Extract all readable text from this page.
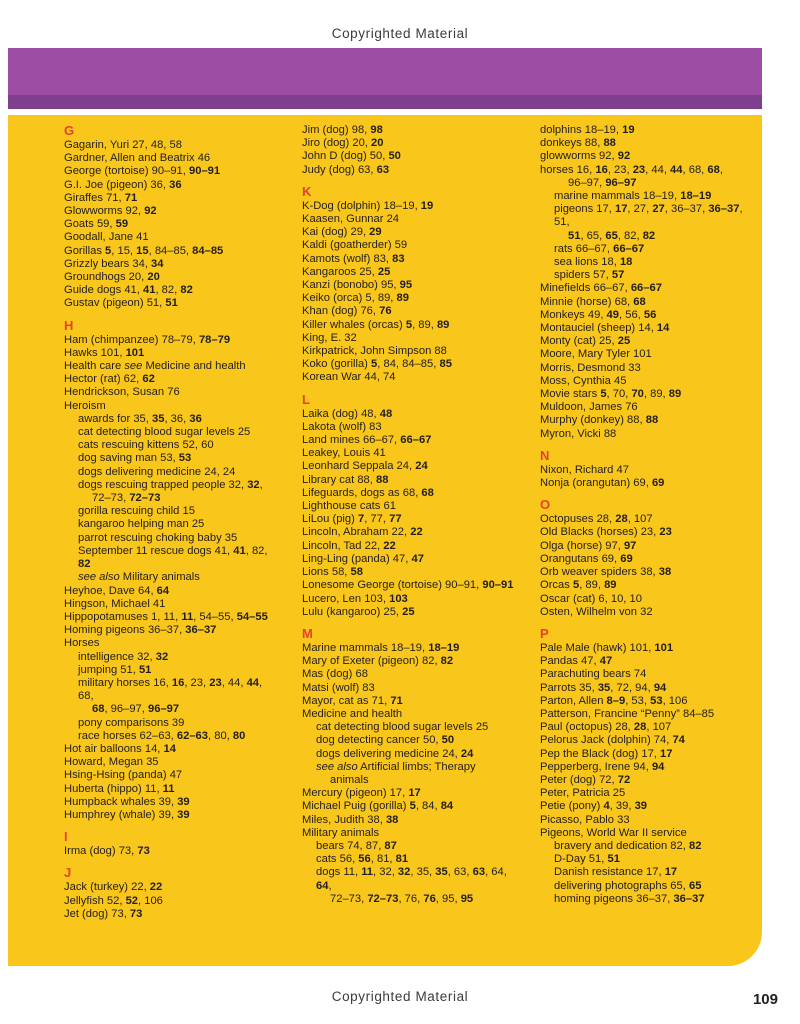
Copyrighted Material
G
Gagarin, Yuri 27, 48, 58
Gardner, Allen and Beatrix 46
George (tortoise) 90–91, 90–91
G.I. Joe (pigeon) 36, 36
Giraffes 71, 71
Glowworms 92, 92
Goats 59, 59
Goodall, Jane 41
Gorillas 5, 15, 15, 84–85, 84–85
Grizzly bears 34, 34
Groundhogs 20, 20
Guide dogs 41, 41, 82, 82
Gustav (pigeon) 51, 51
H
Ham (chimpanzee) 78–79, 78–79
Hawks 101, 101
Health care see Medicine and health
Hector (rat) 62, 62
Hendrickson, Susan 76
Heroism
awards for 35, 35, 36, 36
cat detecting blood sugar levels 25
cats rescuing kittens 52, 60
dog saving man 53, 53
dogs delivering medicine 24, 24
dogs rescuing trapped people 32, 32,
72–73, 72–73
gorilla rescuing child 15
kangaroo helping man 25
parrot rescuing choking baby 35
September 11 rescue dogs 41, 41, 82, 82
see also Military animals
Heyhoe, Dave 64, 64
Hingson, Michael 41
Hippopotamuses 1, 11, 11, 54–55, 54–55
Homing pigeons 36–37, 36–37
Horses
intelligence 32, 32
jumping 51, 51
military horses 16, 16, 23, 23, 44, 44, 68,
68, 96–97, 96–97
pony comparisons 39
race horses 62–63, 62–63, 80, 80
Hot air balloons 14, 14
Howard, Megan 35
Hsing-Hsing (panda) 47
Huberta (hippo) 11, 11
Humpback whales 39, 39
Humphrey (whale) 39, 39
I
Irma (dog) 73, 73
J
Jack (turkey) 22, 22
Jellyfish 52, 52, 106
Jet (dog) 73, 73
Jim (dog) 98, 98
Jiro (dog) 20, 20
John D (dog) 50, 50
Judy (dog) 63, 63
K
K-Dog (dolphin) 18–19, 19
Kaasen, Gunnar 24
Kai (dog) 29, 29
Kaldi (goatherder) 59
Kamots (wolf) 83, 83
Kangaroos 25, 25
Kanzi (bonobo) 95, 95
Keiko (orca) 5, 89, 89
Khan (dog) 76, 76
Killer whales (orcas) 5, 89, 89
King, E. 32
Kirkpatrick, John Simpson 88
Koko (gorilla) 5, 84, 84–85, 85
Korean War 44, 74
L
Laika (dog) 48, 48
Lakota (wolf) 83
Land mines 66–67, 66–67
Leakey, Louis 41
Leonhard Seppala 24, 24
Library cat 88, 88
Lifeguards, dogs as 68, 68
Lighthouse cats 61
LiLou (pig) 7, 77, 77
Lincoln, Abraham 22, 22
Lincoln, Tad 22, 22
Ling-Ling (panda) 47, 47
Lions 58, 58
Lonesome George (tortoise) 90–91, 90–91
Lucero, Len 103, 103
Lulu (kangaroo) 25, 25
M
Marine mammals 18–19, 18–19
Mary of Exeter (pigeon) 82, 82
Mas (dog) 68
Matsi (wolf) 83
Mayor, cat as 71, 71
Medicine and health
cat detecting blood sugar levels 25
dog detecting cancer 50, 50
dogs delivering medicine 24, 24
see also Artificial limbs; Therapy
animals
Mercury (pigeon) 17, 17
Michael Puig (gorilla) 5, 84, 84
Miles, Judith 38, 38
Military animals
bears 74, 87, 87
cats 56, 56, 81, 81
dogs 11, 11, 32, 32, 35, 35, 63, 63, 64, 64,
72–73, 72–73, 76, 76, 95, 95
dolphins 18–19, 19
donkeys 88, 88
glowworms 92, 92
horses 16, 16, 23, 23, 44, 44, 68, 68,
96–97, 96–97
marine mammals 18–19, 18–19
pigeons 17, 17, 27, 27, 36–37, 36–37, 51,
51, 65, 65, 82, 82
rats 66–67, 66–67
sea lions 18, 18
spiders 57, 57
Minefields 66–67, 66–67
Minnie (horse) 68, 68
Monkeys 49, 49, 56, 56
Montauciel (sheep) 14, 14
Monty (cat) 25, 25
Moore, Mary Tyler 101
Morris, Desmond 33
Moss, Cynthia 45
Movie stars 5, 70, 70, 89, 89
Muldoon, James 76
Murphy (donkey) 88, 88
Myron, Vicki 88
N
Nixon, Richard 47
Nonja (orangutan) 69, 69
O
Octopuses 28, 28, 107
Old Blacks (horses) 23, 23
Olga (horse) 97, 97
Orangutans 69, 69
Orb weaver spiders 38, 38
Orcas 5, 89, 89
Oscar (cat) 6, 10, 10
Osten, Wilhelm von 32
P
Pale Male (hawk) 101, 101
Pandas 47, 47
Parachuting bears 74
Parrots 35, 35, 72, 94, 94
Parton, Allen 8–9, 53, 53, 106
Patterson, Francine “Penny” 84–85
Paul (octopus) 28, 28, 107
Pelorus Jack (dolphin) 74, 74
Pep the Black (dog) 17, 17
Pepperberg, Irene 94, 94
Peter (dog) 72, 72
Peter, Patricia 25
Petie (pony) 4, 39, 39
Picasso, Pablo 33
Pigeons, World War II service
bravery and dedication 82, 82
D-Day 51, 51
Danish resistance 17, 17
delivering photographs 65, 65
homing pigeons 36–37, 36–37
Copyrighted Material	109
